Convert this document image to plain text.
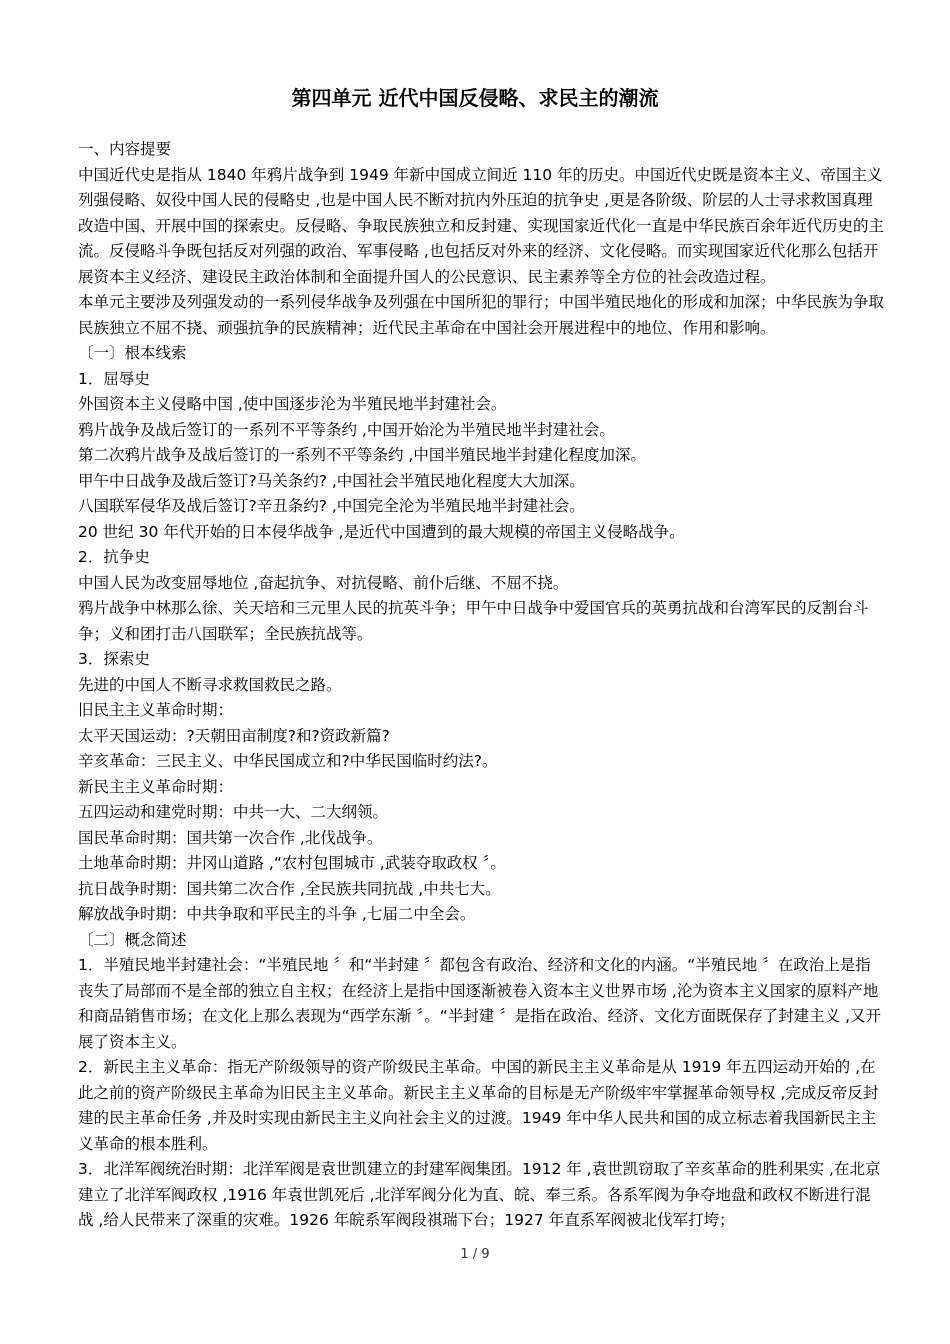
第四单元 近代中国反侵略、求民主的潮流

一、内容提要

中国近代史是指从 1840 年鸦片战争到 1949 年新中国成立间近 110 年的历史。中国近代史既是资本主义、帝国主义列强侵略、奴役中国人民的侵略史 ,也是中国人民不断对抗内外压迫的抗争史 ,更是各阶级、阶层的人士寻求救国真理改造中国、开展中国的探索史。反侵略、争取民族独立和反封建、实现国家近代化一直是中华民族百余年近代历史的主流。反侵略斗争既包括反对列强的政治、军事侵略 ,也包括反对外来的经济、文化侵略。而实现国家近代化那么包括开展资本主义经济、建设民主政治体制和全面提升国人的公民意识、民主素养等全方位的社会改造过程。

本单元主要涉及列强发动的一系列侵华战争及列强在中国所犯的罪行；中国半殖民地化的形成和加深；中华民族为争取民族独立不屈不挠、顽强抗争的民族精神；近代民主革命在中国社会开展进程中的地位、作用和影响。

〔一〕根本线索

1．屈辱史

外国资本主义侵略中国 ,使中国逐步沦为半殖民地半封建社会。

鸦片战争及战后签订的一系列不平等条约 ,中国开始沦为半殖民地半封建社会。

第二次鸦片战争及战后签订的一系列不平等条约 ,中国半殖民地半封建化程度加深。

甲午中日战争及战后签订?马关条约? ,中国社会半殖民地化程度大大加深。

八国联军侵华及战后签订?辛丑条约? ,中国完全沦为半殖民地半封建社会。

20 世纪 30 年代开始的日本侵华战争 ,是近代中国遭到的最大规模的帝国主义侵略战争。

2．抗争史

中国人民为改变屈辱地位 ,奋起抗争、对抗侵略、前仆后继、不屈不挠。

鸦片战争中林那么徐、关天培和三元里人民的抗英斗争；甲午中日战争中爱国官兵的英勇抗战和台湾军民的反割台斗争；义和团打击八国联军；全民族抗战等。

3．探索史

先进的中国人不断寻求救国救民之路。

旧民主主义革命时期：

太平天国运动：?天朝田亩制度?和?资政新篇?

辛亥革命：三民主义、中华民国成立和?中华民国临时约法?。

新民主主义革命时期：

五四运动和建党时期：中共一大、二大纲领。

国民革命时期：国共第一次合作 ,北伐战争。

土地革命时期：井冈山道路 ,“农村包围城市 ,武装夺取政权 〞。

抗日战争时期：国共第二次合作 ,全民族共同抗战 ,中共七大。

解放战争时期：中共争取和平民主的斗争 ,七届二中全会。

〔二〕概念简述

1．半殖民地半封建社会：“半殖民地 〞和“半封建 〞都包含有政治、经济和文化的内涵。“半殖民地 〞在政治上是指丧失了局部而不是全部的独立自主权；在经济上是指中国逐渐被卷入资本主义世界市场 ,沦为资本主义国家的原料产地和商品销售市场；在文化上那么表现为“西学东渐 〞。“半封建 〞是指在政治、经济、文化方面既保存了封建主义 ,又开展了资本主义。

2．新民主主义革命：指无产阶级领导的资产阶级民主革命。中国的新民主主义革命是从 1919 年五四运动开始的 ,在此之前的资产阶级民主革命为旧民主主义革命。新民主主义革命的目标是无产阶级牢牢掌握革命领导权 ,完成反帝反封建的民主革命任务 ,并及时实现由新民主主义向社会主义的过渡。1949 年中华人民共和国的成立标志着我国新民主主义革命的根本胜利。

3．北洋军阀统治时期：北洋军阀是袁世凯建立的封建军阀集团。1912 年 ,袁世凯窃取了辛亥革命的胜利果实 ,在北京建立了北洋军阀政权 ,1916 年袁世凯死后 ,北洋军阀分化为直、皖、奉三系。各系军阀为争夺地盘和政权不断进行混战 ,给人民带来了深重的灾难。1926 年皖系军阀段祺瑞下台；1927 年直系军阀被北伐军打垮；

1 / 9
